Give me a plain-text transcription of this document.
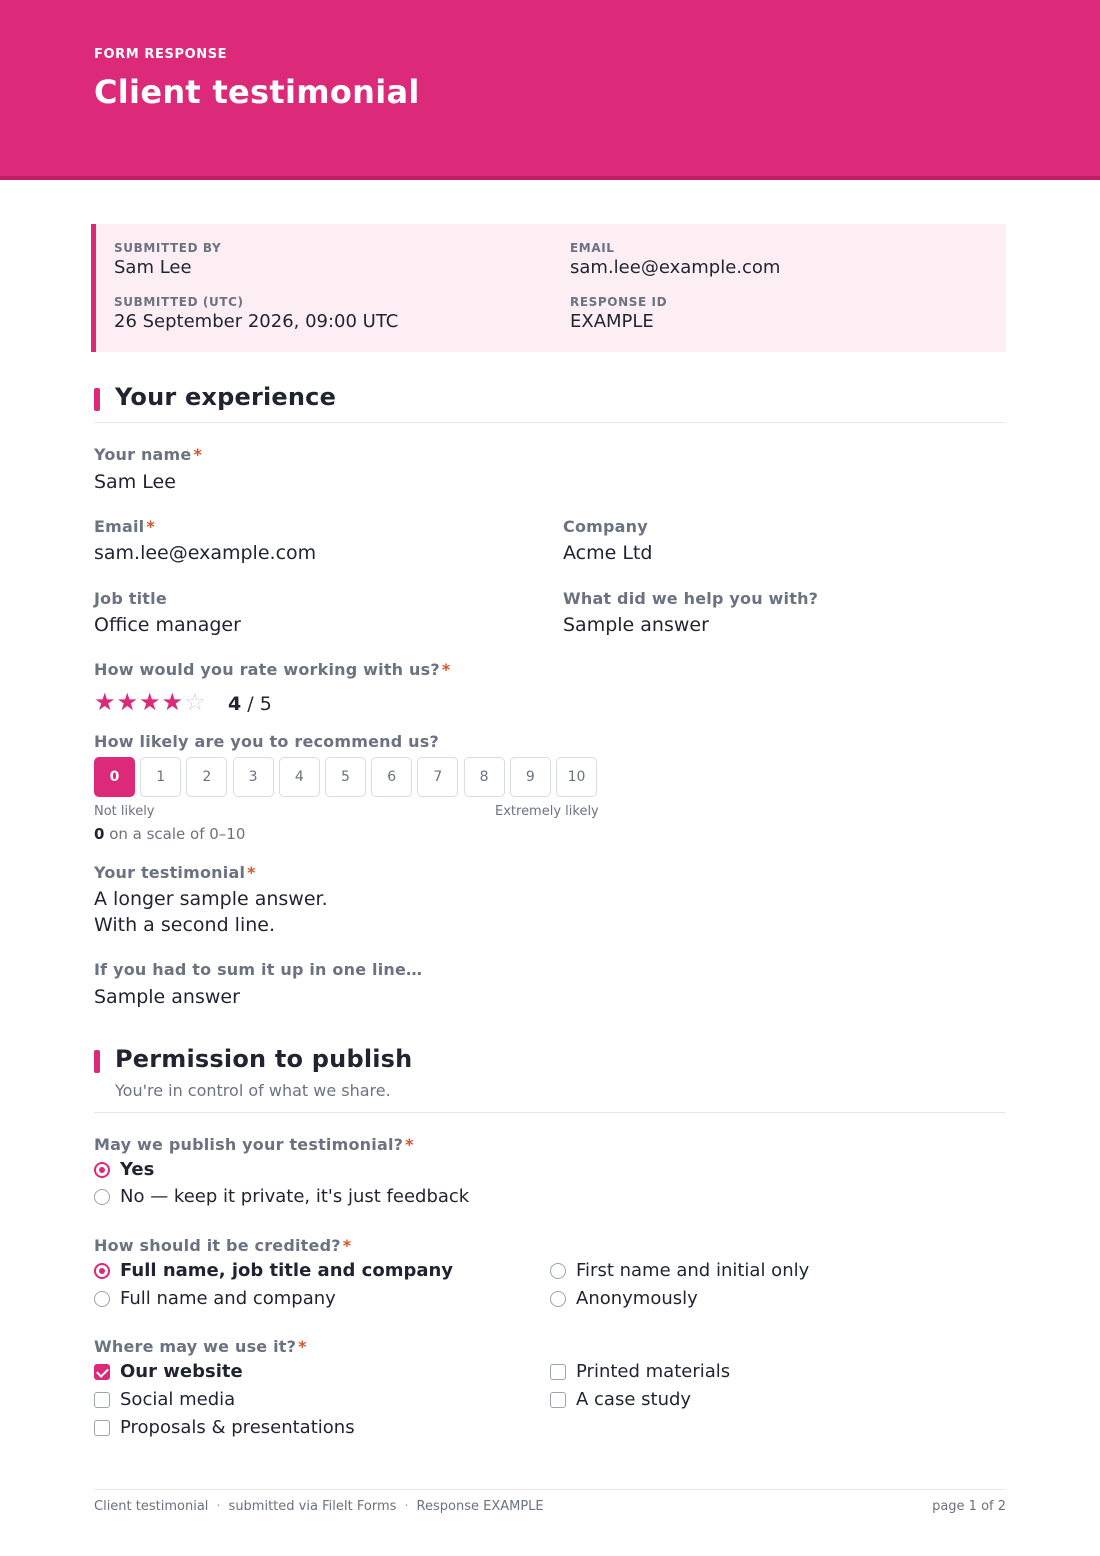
FORM RESPONSE
Client testimonial
SUBMITTED BY
Sam Lee
EMAIL
sam.lee@example.com
SUBMITTED (UTC)
26 September 2026, 09:00 UTC
RESPONSE ID
EXAMPLE
Your experience
Your name *
Sam Lee
Email *
sam.lee@example.com
Company
Acme Ltd
Job title
Office manager
What did we help you with?
Sample answer
How would you rate working with us? *
★★★★☆ 4 / 5
How likely are you to recommend us?
0	1	2	3	4	5	6	7	8	9	10
Not likely	Extremely likely
0 on a scale of 0–10
Your testimonial *
A longer sample answer.
With a second line.
If you had to sum it up in one line…
Sample answer
Permission to publish
You're in control of what we share.
May we publish your testimonial? *
Yes
No — keep it private, it's just feedback
How should it be credited? *
Full name, job title and company
Full name and company
First name and initial only
Anonymously
Where may we use it? *
Our website
Social media
Proposals & presentations
Printed materials
A case study
Client testimonial · submitted via FileIt Forms · Response EXAMPLE	page 1 of 2
